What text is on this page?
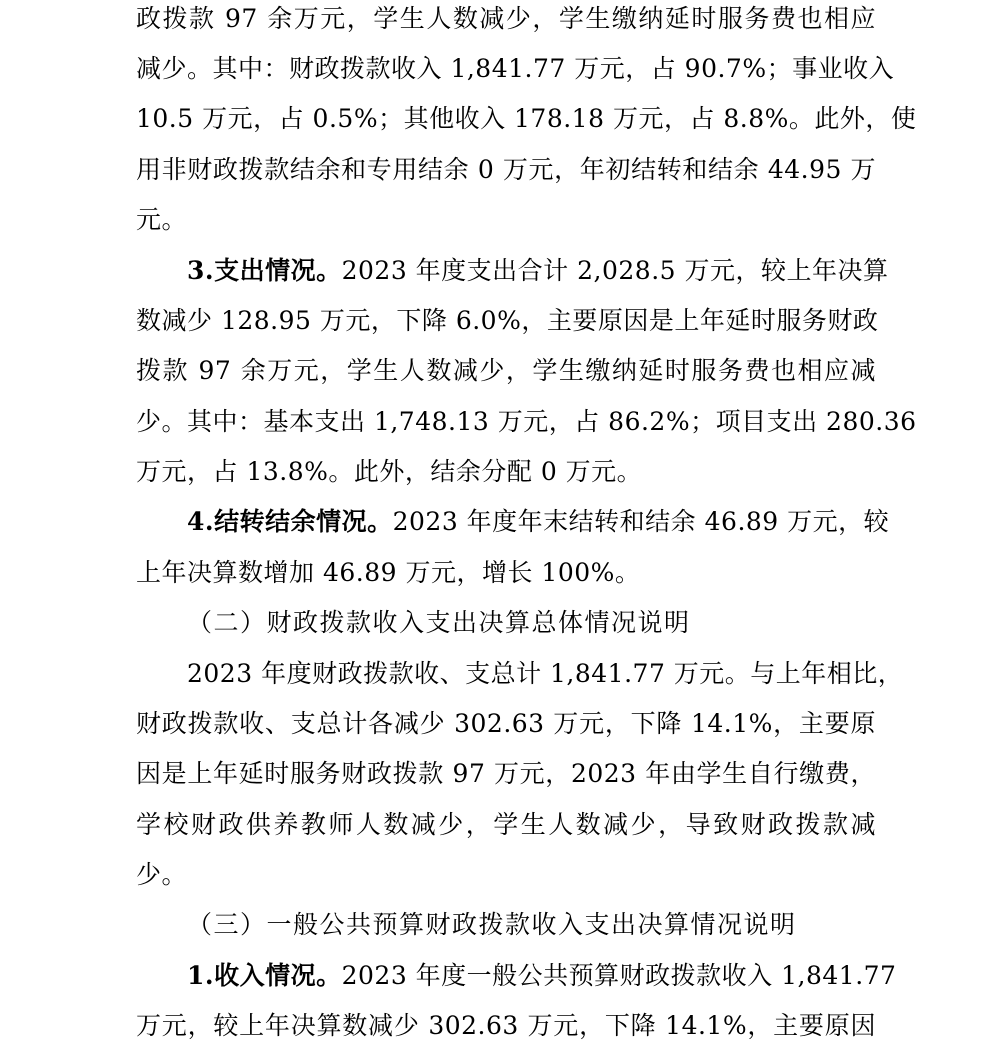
政拨款 97 余万元，学生人数减少，学生缴纳延时服务费也相应
减少。其中：财政拨款收入 1,841.77 万元，占 90.7%；事业收入
10.5 万元，占 0.5%；其他收入 178.18 万元，占 8.8%。此外，使
用非财政拨款结余和专用结余 0 万元，年初结转和结余 44.95 万
元。
3.支出情况。2023 年度支出合计 2,028.5 万元，较上年决算
数减少 128.95 万元，下降 6.0%，主要原因是上年延时服务财政
拨款 97 余万元，学生人数减少，学生缴纳延时服务费也相应减
少。其中：基本支出 1,748.13 万元，占 86.2%；项目支出 280.36
万元，占 13.8%。此外，结余分配 0 万元。
4.结转结余情况。2023 年度年末结转和结余 46.89 万元，较
上年决算数增加 46.89 万元，增长 100%。
（二）财政拨款收入支出决算总体情况说明
2023 年度财政拨款收、支总计 1,841.77 万元。与上年相比，
财政拨款收、支总计各减少 302.63 万元，下降 14.1%，主要原
因是上年延时服务财政拨款 97 万元，2023 年由学生自行缴费，
学校财政供养教师人数减少，学生人数减少，导致财政拨款减
少。
（三）一般公共预算财政拨款收入支出决算情况说明
1.收入情况。2023 年度一般公共预算财政拨款收入 1,841.77
万元，较上年决算数减少 302.63 万元，下降 14.1%，主要原因
